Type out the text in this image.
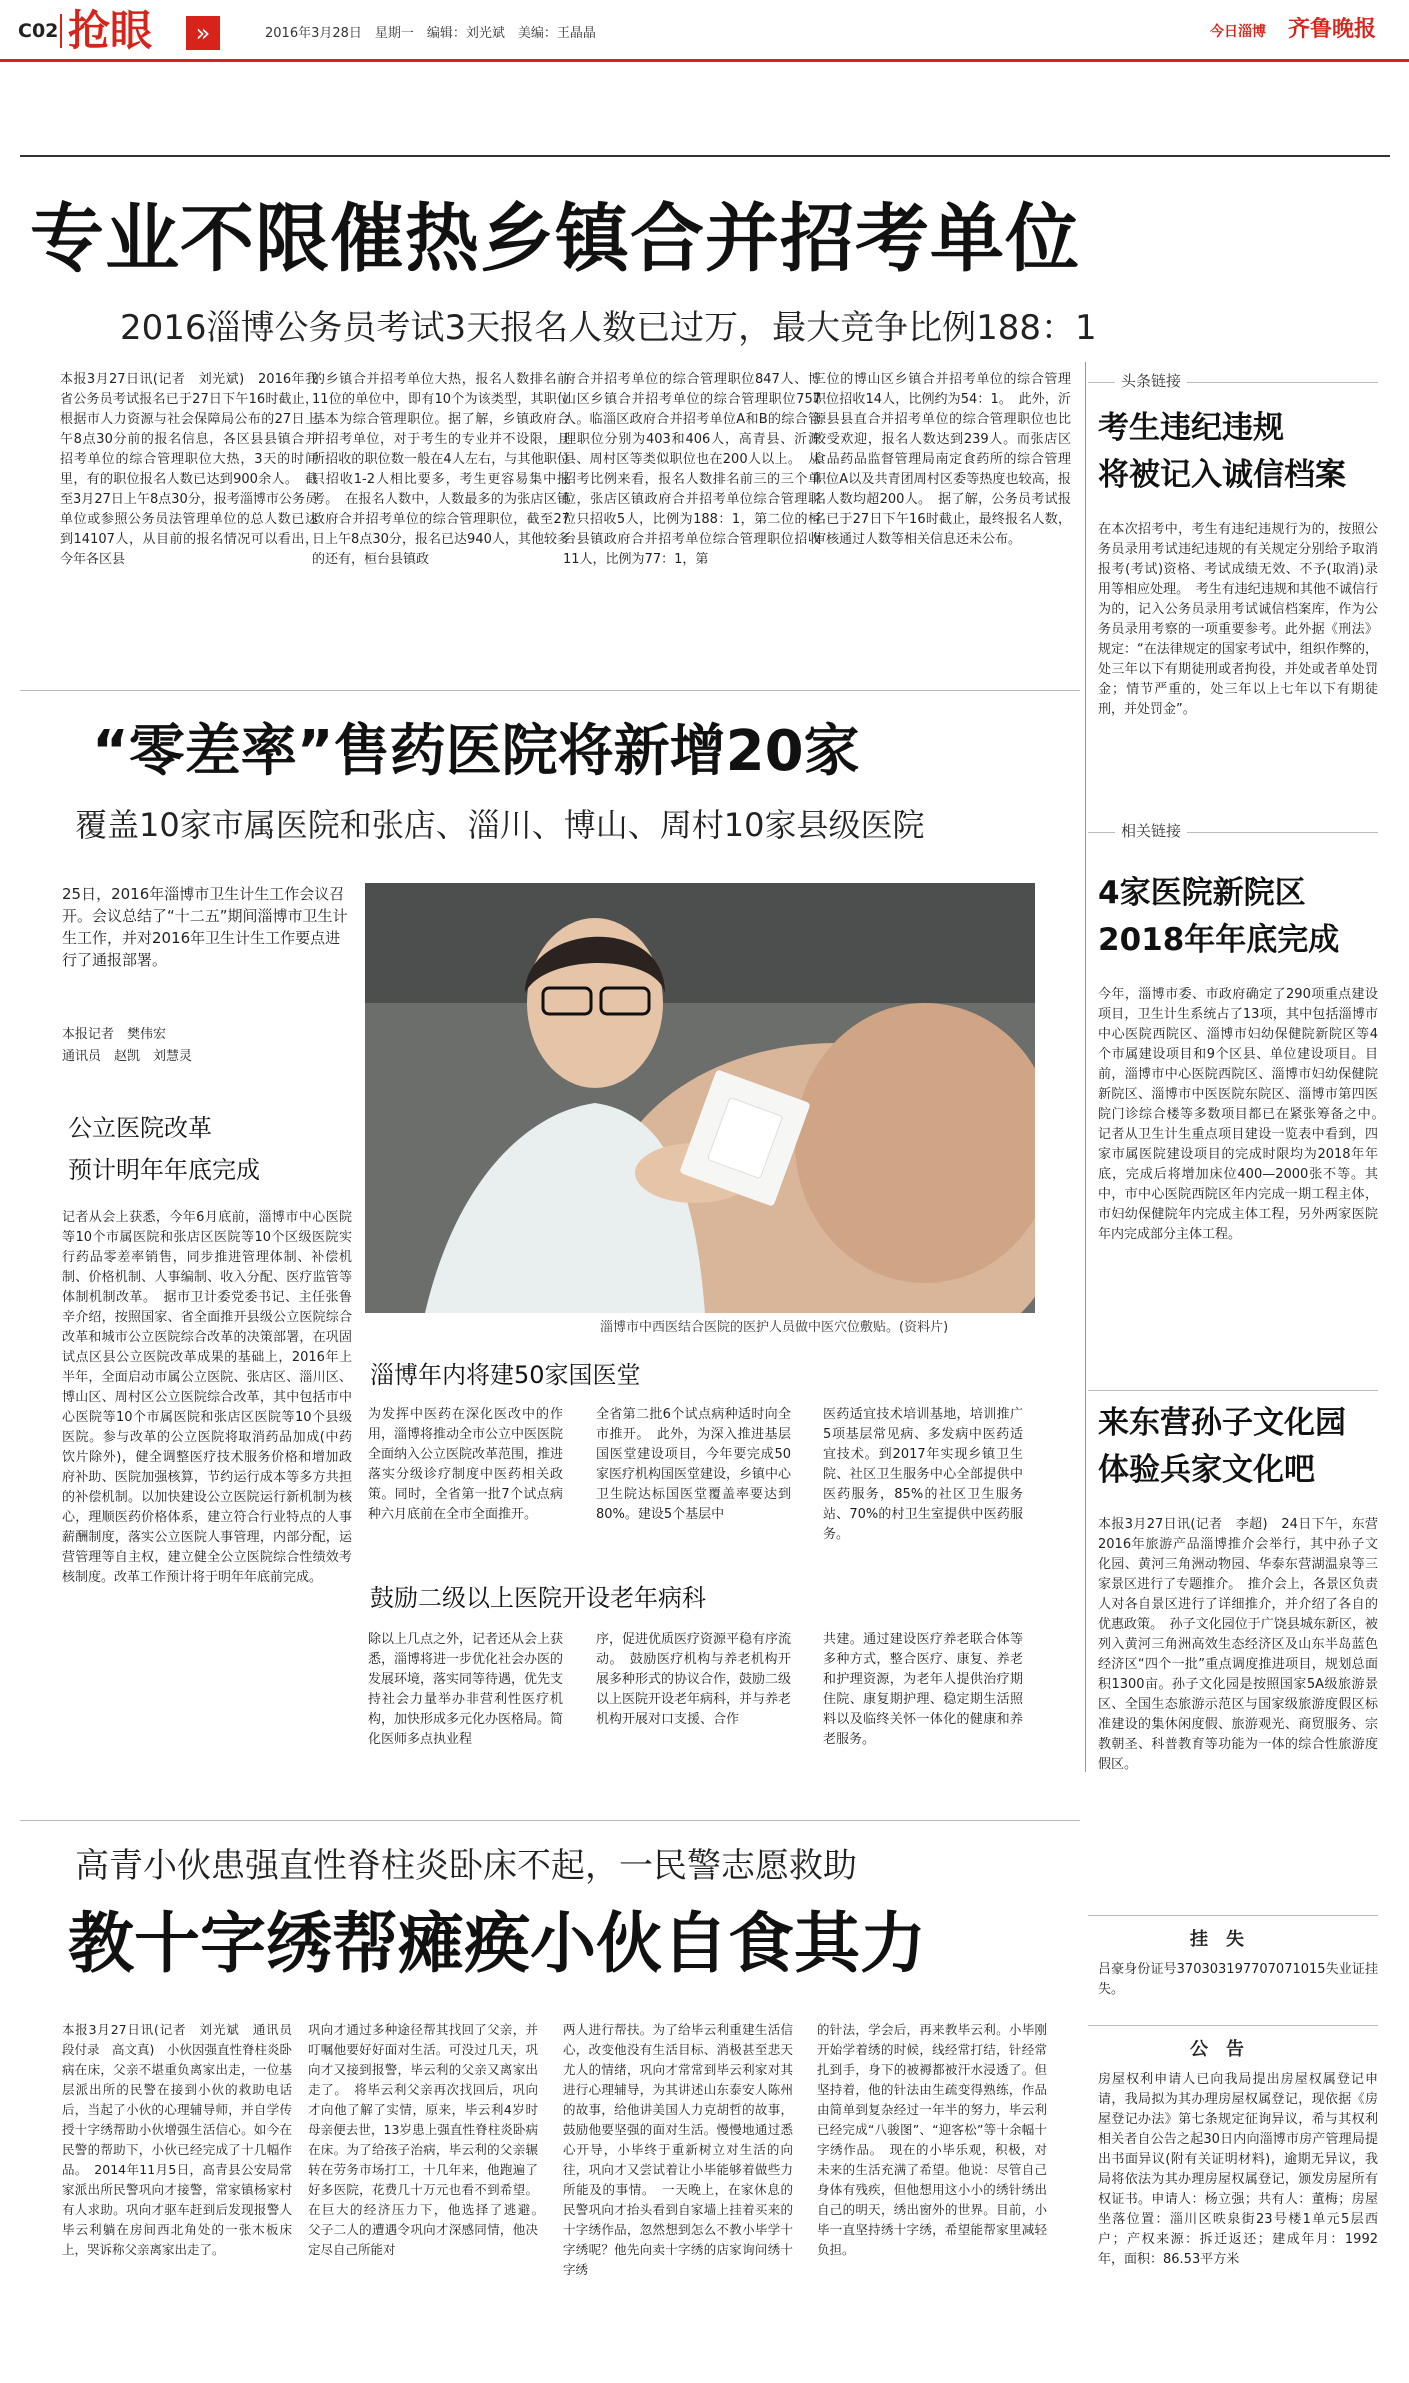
C02 抢眼	»	2016年3月28日　星期一　编辑：刘光斌　美编：王晶晶	今日淄博　 齐鲁晚报
专业不限催热乡镇合并招考单位
2016淄博公务员考试3天报名人数已过万，最大竞争比例188：1
本报3月27日讯(记者　刘光斌)　2016年我省公务员考试报名已于27日下午16时截止，根据市人力资源与社会保障局公布的27日上午8点30分前的报名信息，各区县县镇合并招考单位的综合管理职位大热，3天的时间里，有的职位报名人数已达到900余人。　截至3月27日上午8点30分，报考淄博市公务员单位或参照公务员法管理单位的总人数已达到14107人，从目前的报名情况可以看出，今年各区县
的乡镇合并招考单位大热，报名人数排名前11位的单位中，即有10个为该类型，其职位基本为综合管理职位。据了解，乡镇政府合并招考单位，对于考生的专业并不设限，且所招收的职位数一般在4人左右，与其他职位只招收1-2人相比要多，考生更容易集中报考。　在报名人数中，人数最多的为张店区镇政府合并招考单位的综合管理职位，截至27日上午8点30分，报名已达940人，其他较多的还有，桓台县镇政
府合并招考单位的综合管理职位847人、博山区乡镇合并招考单位的综合管理职位757人。临淄区政府合并招考单位A和B的综合管理职位分别为403和406人，高青县、沂源县、周村区等类似职位也在200人以上。　从招考比例来看，报名人数排名前三的三个单位，张店区镇政府合并招考单位综合管理职位只招收5人，比例为188：1，第二位的桓台县镇政府合并招考单位综合管理职位招收11人，比例为77：1，第
三位的博山区乡镇合并招考单位的综合管理职位招收14人，比例约为54：1。　此外，沂源县县直合并招考单位的综合管理职位也比较受欢迎，报名人数达到239人。而张店区食品药品监督管理局南定食药所的综合管理职位A以及共青团周村区委等热度也较高，报名人数均超200人。　据了解，公务员考试报名已于27日下午16时截止，最终报名人数，审核通过人数等相关信息还未公布。
头条链接
考生违纪违规
将被记入诚信档案
在本次招考中，考生有违纪违规行为的，按照公务员录用考试违纪违规的有关规定分别给予取消报考(考试)资格、考试成绩无效、不予(取消)录用等相应处理。　考生有违纪违规和其他不诚信行为的，记入公务员录用考试诚信档案库，作为公务员录用考察的一项重要参考。此外据《刑法》规定：“在法律规定的国家考试中，组织作弊的，处三年以下有期徒刑或者拘役，并处或者单处罚金；情节严重的，处三年以上七年以下有期徒刑，并处罚金”。
“零差率”售药医院将新增20家
覆盖10家市属医院和张店、淄川、博山、周村10家县级医院
25日，2016年淄博市卫生计生工作会议召开。会议总结了“十二五”期间淄博市卫生计生工作，并对2016年卫生计生工作要点进行了通报部署。
本报记者　樊伟宏
通讯员　赵凯　刘慧灵
公立医院改革
预计明年年底完成
记者从会上获悉，今年6月底前，淄博市中心医院等10个市属医院和张店区医院等10个区级医院实行药品零差率销售，同步推进管理体制、补偿机制、价格机制、人事编制、收入分配、医疗监管等体制机制改革。　据市卫计委党委书记、主任张鲁辛介绍，按照国家、省全面推开县级公立医院综合改革和城市公立医院综合改革的决策部署，在巩固试点区县公立医院改革成果的基础上，2016年上半年，全面启动市属公立医院、张店区、淄川区、博山区、周村区公立医院综合改革，其中包括市中心医院等10个市属医院和张店区医院等10个县级医院。参与改革的公立医院将取消药品加成(中药饮片除外)，健全调整医疗技术服务价格和增加政府补助、医院加强核算，节约运行成本等多方共担的补偿机制。以加快建设公立医院运行新机制为核心，理顺医药价格体系，建立符合行业特点的人事薪酬制度，落实公立医院人事管理，内部分配，运营管理等自主权，建立健全公立医院综合性绩效考核制度。改革工作预计将于明年年底前完成。
淄博市中西医结合医院的医护人员做中医穴位敷贴。(资料片)
淄博年内将建50家国医堂
为发挥中医药在深化医改中的作用，淄博将推动全市公立中医医院全面纳入公立医院改革范围，推进落实分级诊疗制度中医药相关政策。同时，全省第一批7个试点病种六月底前在全市全面推开。
全省第二批6个试点病种适时向全市推开。　此外，为深入推进基层国医堂建设项目，今年要完成50家医疗机构国医堂建设，乡镇中心卫生院达标国医堂覆盖率要达到80%。建设5个基层中
医药适宜技术培训基地，培训推广5项基层常见病、多发病中医药适宜技术。到2017年实现乡镇卫生院、社区卫生服务中心全部提供中医药服务，85%的社区卫生服务站、70%的村卫生室提供中医药服务。
鼓励二级以上医院开设老年病科
除以上几点之外，记者还从会上获悉，淄博将进一步优化社会办医的发展环境，落实同等待遇，优先支持社会力量举办非营利性医疗机构，加快形成多元化办医格局。简化医师多点执业程
序，促进优质医疗资源平稳有序流动。　鼓励医疗机构与养老机构开展多种形式的协议合作，鼓励二级以上医院开设老年病科，并与养老机构开展对口支援、合作
共建。通过建设医疗养老联合体等多种方式，整合医疗、康复、养老和护理资源，为老年人提供治疗期住院、康复期护理、稳定期生活照料以及临终关怀一体化的健康和养老服务。
相关链接
4家医院新院区
2018年年底完成
今年，淄博市委、市政府确定了290项重点建设项目，卫生计生系统占了13项，其中包括淄博市中心医院西院区、淄博市妇幼保健院新院区等4个市属建设项目和9个区县、单位建设项目。目前，淄博市中心医院西院区、淄博市妇幼保健院新院区、淄博市中医医院东院区、淄博市第四医院门诊综合楼等多数项目都已在紧张筹备之中。　记者从卫生计生重点项目建设一览表中看到，四家市属医院建设项目的完成时限均为2018年年底，完成后将增加床位400—2000张不等。其中，市中心医院西院区年内完成一期工程主体，市妇幼保健院年内完成主体工程，另外两家医院年内完成部分主体工程。
来东营孙子文化园
体验兵家文化吧
本报3月27日讯(记者　李超)　24日下午，东营2016年旅游产品淄博推介会举行，其中孙子文化园、黄河三角洲动物园、华泰东营湖温泉等三家景区进行了专题推介。　推介会上，各景区负责人对各自景区进行了详细推介，并介绍了各自的优惠政策。　孙子文化园位于广饶县城东新区，被列入黄河三角洲高效生态经济区及山东半岛蓝色经济区“四个一批”重点调度推进项目，规划总面积1300亩。孙子文化园是按照国家5A级旅游景区、全国生态旅游示范区与国家级旅游度假区标准建设的集休闲度假、旅游观光、商贸服务、宗教朝圣、科普教育等功能为一体的综合性旅游度假区。
挂　失
吕豪身份证号370303197707071015失业证挂失。
公　告
房屋权利申请人已向我局提出房屋权属登记申请，我局拟为其办理房屋权属登记，现依据《房屋登记办法》第七条规定征询异议，希与其权利相关者自公告之起30日内向淄博市房产管理局提出书面异议(附有关证明材料)，逾期无异议，我局将依法为其办理房屋权属登记，颁发房屋所有权证书。申请人：杨立强；共有人：董梅；房屋坐落位置：淄川区昳泉街23号楼1单元5层西户；产权来源：拆迁返还；建成年月：1992年，面积：86.53平方米
高青小伙患强直性脊柱炎卧床不起，一民警志愿救助
教十字绣帮瘫痪小伙自食其力
本报3月27日讯(记者　刘光斌　通讯员　段付录　高文真)　小伙因强直性脊柱炎卧病在床，父亲不堪重负离家出走，一位基层派出所的民警在接到小伙的救助电话后，当起了小伙的心理辅导师，并自学传授十字绣帮助小伙增强生活信心。如今在民警的帮助下，小伙已经完成了十几幅作品。　2014年11月5日，高青县公安局常家派出所民警巩向才接警，常家镇杨家村有人求助。巩向才驱车赶到后发现报警人毕云利躺在房间西北角处的一张木板床上，哭诉称父亲离家出走了。
巩向才通过多种途径帮其找回了父亲，并叮嘱他要好好面对生活。可没过几天，巩向才又接到报警，毕云利的父亲又离家出走了。　将毕云利父亲再次找回后，巩向才向他了解了实情，原来，毕云利4岁时母亲便去世，13岁患上强直性脊柱炎卧病在床。为了给孩子治病，毕云利的父亲辗转在劳务市场打工，十几年来，他跑遍了好多医院，花费几十万元也看不到希望。在巨大的经济压力下，他选择了逃避。　父子二人的遭遇令巩向才深感同情，他决定尽自己所能对
两人进行帮扶。为了给毕云利重建生活信心，改变他没有生活目标、消极甚至悲天尤人的情绪，巩向才常常到毕云利家对其进行心理辅导，为其讲述山东泰安人陈州的故事，给他讲美国人力克胡哲的故事，鼓励他要坚强的面对生活。慢慢地通过悉心开导，小毕终于重新树立对生活的向往，巩向才又尝试着让小毕能够着做些力所能及的事情。　一天晚上，在家休息的民警巩向才抬头看到自家墙上挂着买来的十字绣作品，忽然想到怎么不教小毕学十字绣呢？他先向卖十字绣的店家询问绣十字绣
的针法，学会后，再来教毕云利。小毕刚开始学着绣的时候，线经常打结，针经常扎到手，身下的被褥都被汗水浸透了。但坚持着，他的针法由生疏变得熟练，作品由简单到复杂经过一年半的努力，毕云利已经完成“八骏图”、“迎客松”等十余幅十字绣作品。　现在的小毕乐观，积极，对未来的生活充满了希望。他说：尽管自己身体有残疾，但他想用这小小的绣针绣出自己的明天，绣出窗外的世界。目前，小毕一直坚持绣十字绣，希望能帮家里减轻负担。
